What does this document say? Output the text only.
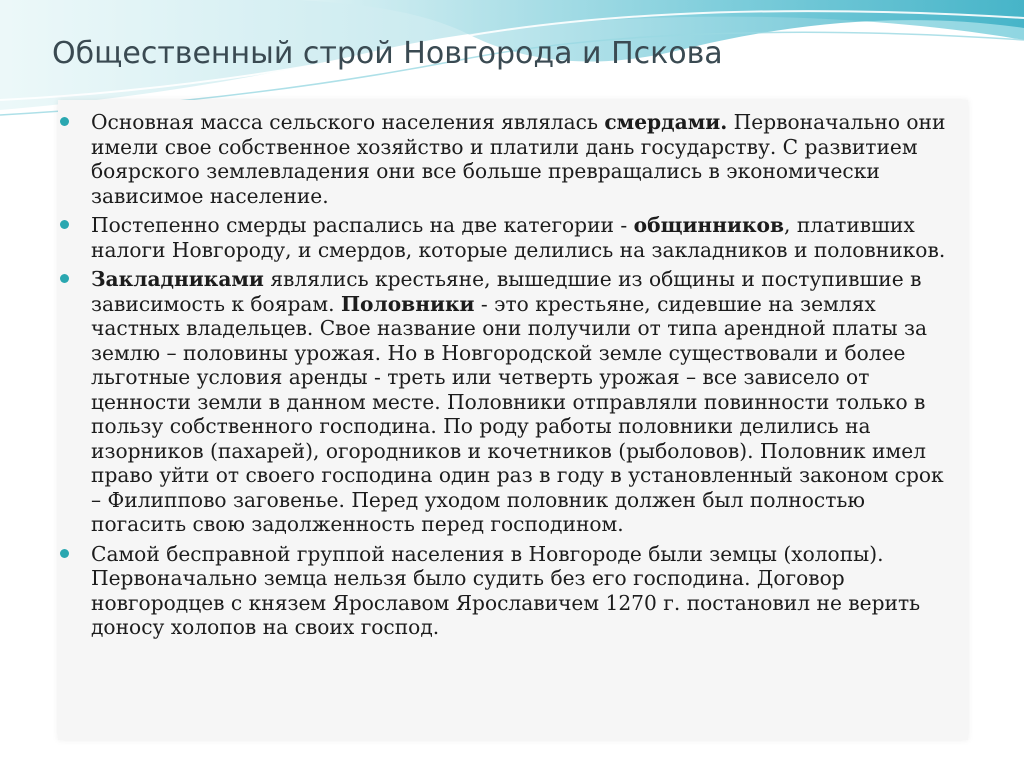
Общественный строй Новгорода и Пскова
Основная масса сельского населения являлась смердами. Первоначально они имели свое собственное хозяйство и платили дань государству. С развитием боярского землевладения они все больше превращались в экономически зависимое население.
Постепенно смерды распались на две категории - общинников, плативших налоги Новгороду, и смердов, которые делились на закладников и половников.
Закладниками являлись крестьяне, вышедшие из общины и поступившие в зависимость к боярам. Половники - это крестьяне, сидевшие на землях частных владельцев. Свое название они получили от типа арендной платы за землю – половины урожая. Но в Новгородской земле существовали и более льготные условия аренды - треть или четверть урожая – все зависело от ценности земли в данном месте. Половники отправляли повинности только в пользу собственного господина. По роду работы половники делились на изорников (пахарей), огородников и кочетников (рыболовов). Половник имел право уйти от своего господина один раз в году в установленный законом срок – Филиппово заговенье. Перед уходом половник должен был полностью погасить свою задолженность перед господином.
Самой бесправной группой населения в Новгороде были земцы (холопы). Первоначально земца нельзя было судить без его господина. Договор новгородцев с князем Ярославом Ярославичем 1270 г. постановил не верить доносу холопов на своих господ.
